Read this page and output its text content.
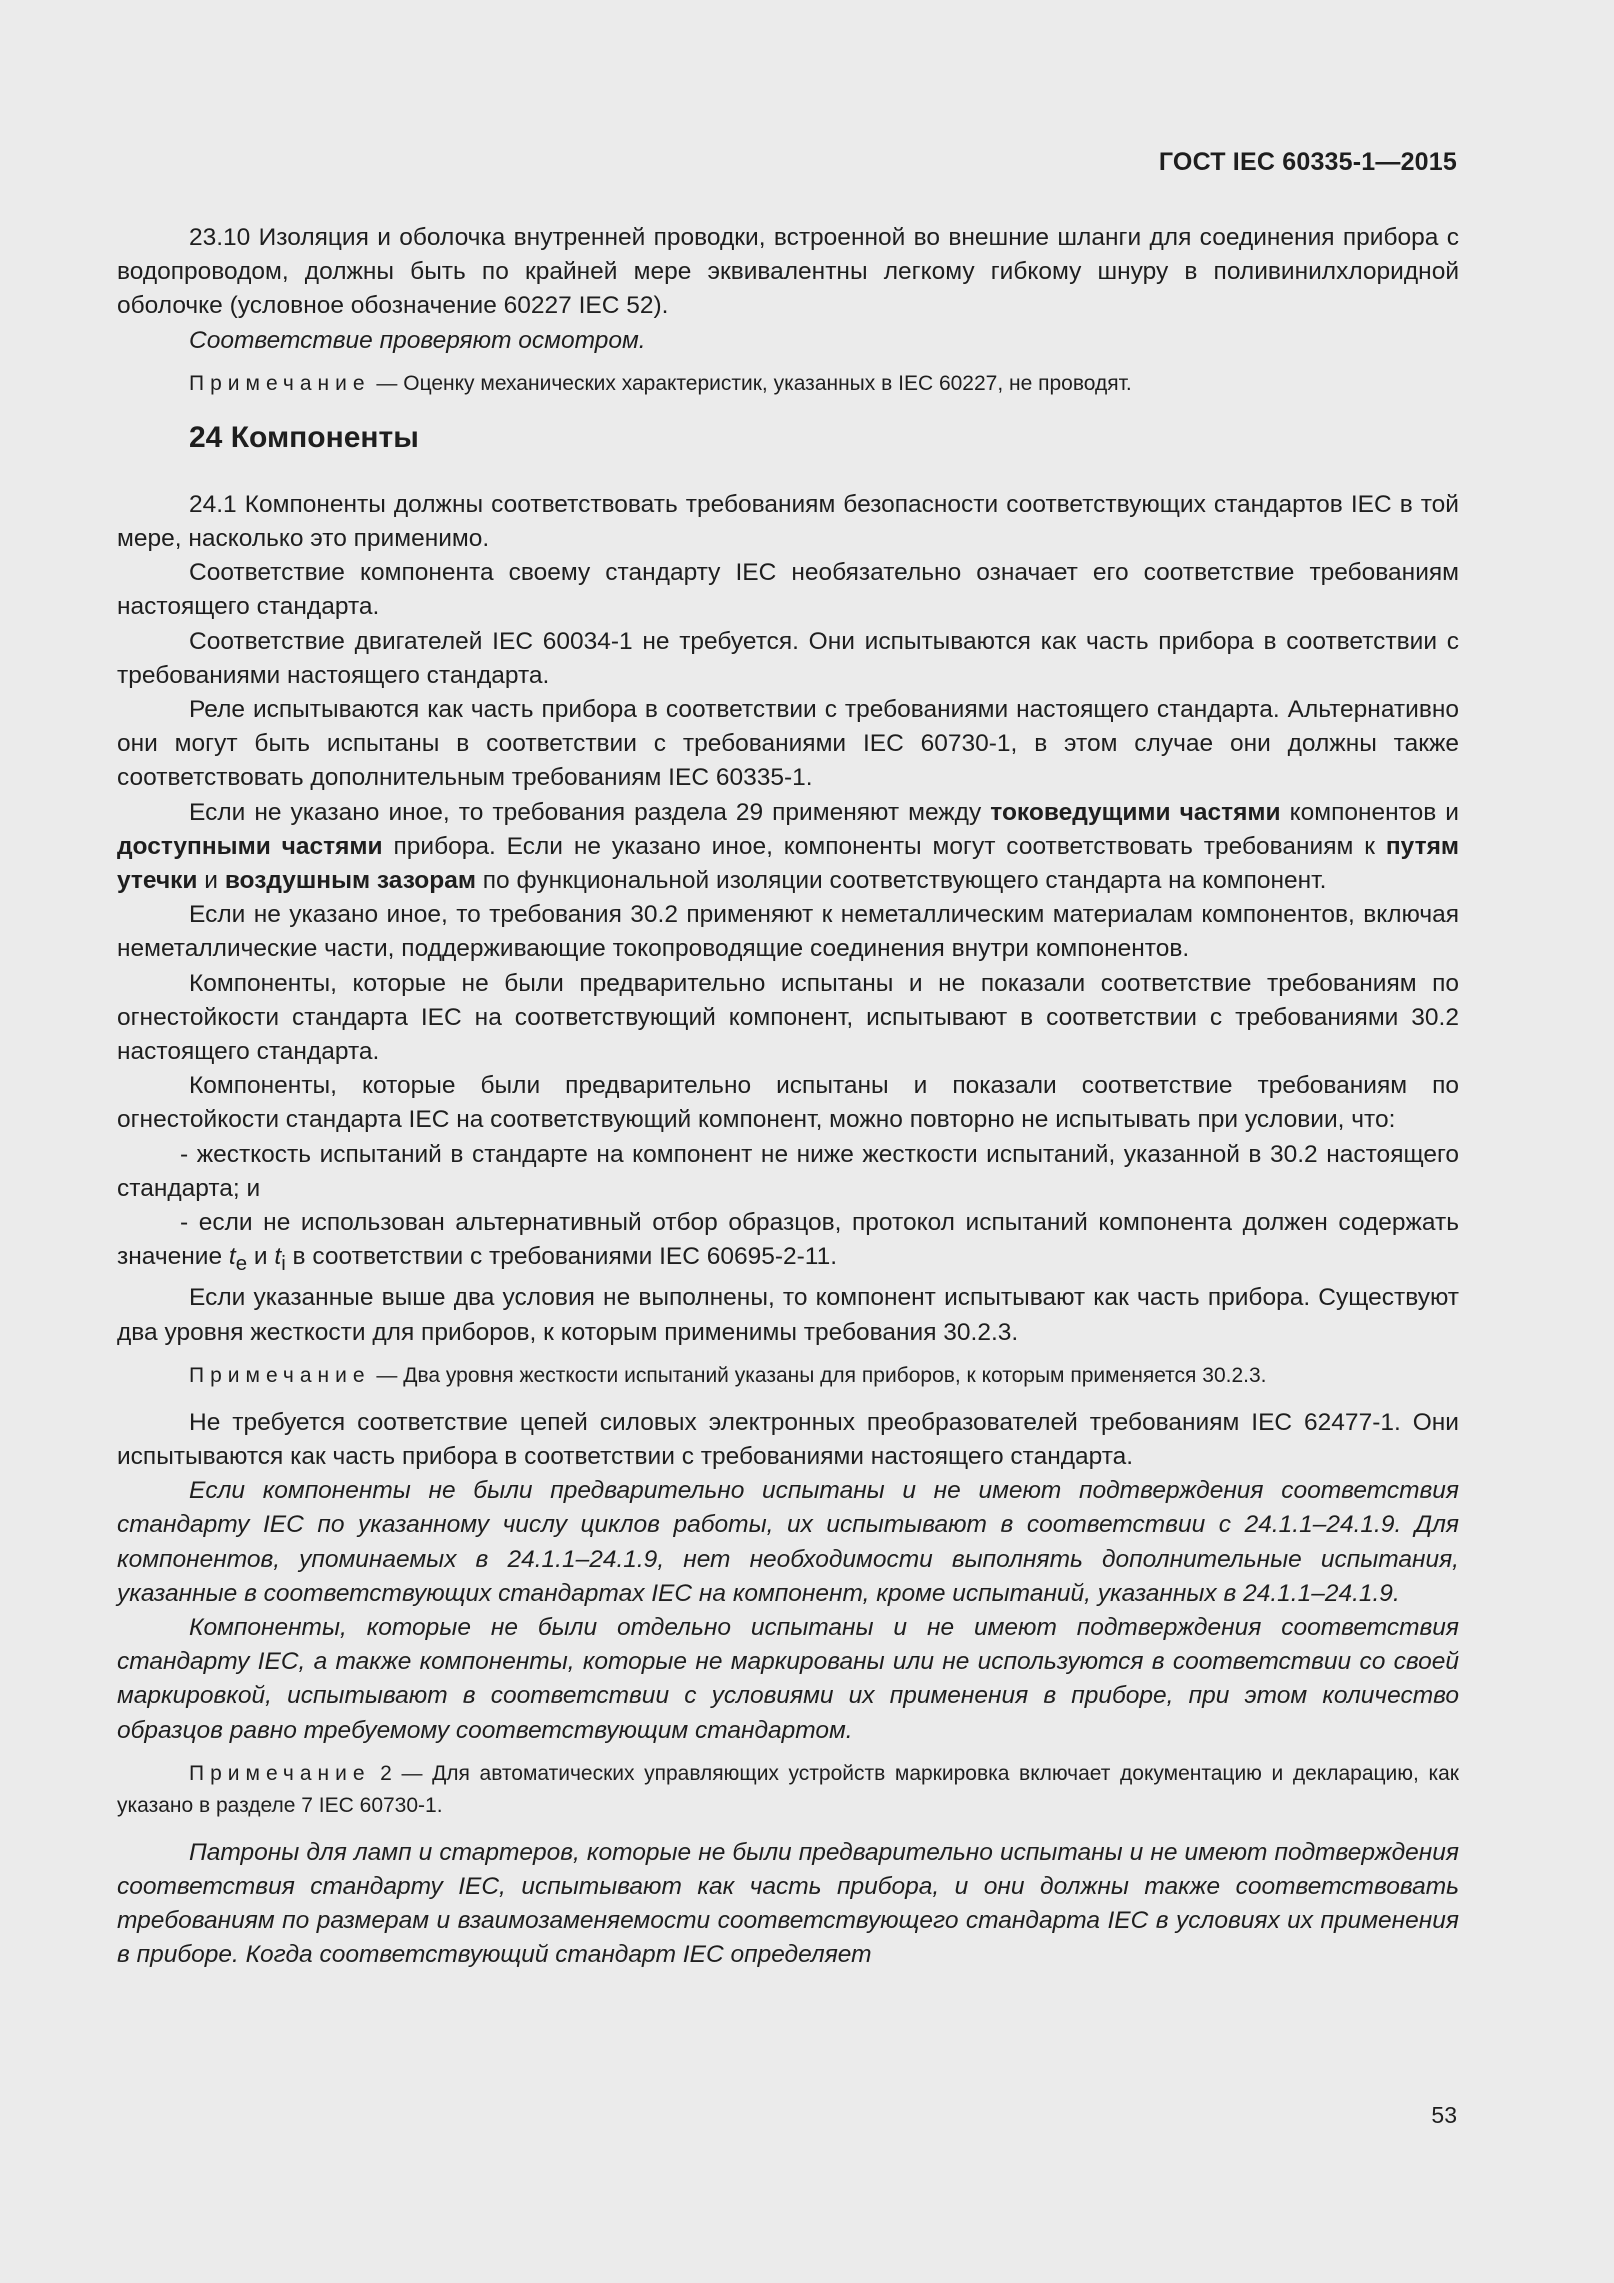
ГОСТ IEC 60335-1—2015

23.10 Изоляция и оболочка внутренней проводки, встроенной во внешние шланги для соединения прибора с водопроводом, должны быть по крайней мере эквивалентны легкому гибкому шнуру в поливинилхлоридной оболочке (условное обозначение 60227 IEC 52).

Соответствие проверяют осмотром.

Примечание — Оценку механических характеристик, указанных в IEC 60227, не проводят.

24 Компоненты

24.1 Компоненты должны соответствовать требованиям безопасности соответствующих стандартов IEC в той мере, насколько это применимо.

Соответствие компонента своему стандарту IEC необязательно означает его соответствие требованиям настоящего стандарта.

Соответствие двигателей IEC 60034-1 не требуется. Они испытываются как часть прибора в соответствии с требованиями настоящего стандарта.

Реле испытываются как часть прибора в соответствии с требованиями настоящего стандарта. Альтернативно они могут быть испытаны в соответствии с требованиями IEC 60730-1, в этом случае они должны также соответствовать дополнительным требованиям IEC 60335-1.

Если не указано иное, то требования раздела 29 применяют между токоведущими частями компонентов и доступными частями прибора. Если не указано иное, компоненты могут соответствовать требованиям к путям утечки и воздушным зазорам по функциональной изоляции соответствующего стандарта на компонент.

Если не указано иное, то требования 30.2 применяют к неметаллическим материалам компонентов, включая неметаллические части, поддерживающие токопроводящие соединения внутри компонентов.

Компоненты, которые не были предварительно испытаны и не показали соответствие требованиям по огнестойкости стандарта IEC на соответствующий компонент, испытывают в соответствии с требованиями 30.2 настоящего стандарта.

Компоненты, которые были предварительно испытаны и показали соответствие требованиям по огнестойкости стандарта IEC на соответствующий компонент, можно повторно не испытывать при условии, что:

- жесткость испытаний в стандарте на компонент не ниже жесткости испытаний, указанной в 30.2 настоящего стандарта; и

- если не использован альтернативный отбор образцов, протокол испытаний компонента должен содержать значение $t_e$ и $t_i$ в соответствии с требованиями IEC 60695-2-11.

Если указанные выше два условия не выполнены, то компонент испытывают как часть прибора. Существуют два уровня жесткости для приборов, к которым применимы требования 30.2.3.

Примечание — Два уровня жесткости испытаний указаны для приборов, к которым применяется 30.2.3.

Не требуется соответствие цепей силовых электронных преобразователей требованиям IEC 62477-1. Они испытываются как часть прибора в соответствии с требованиями настоящего стандарта.

Если компоненты не были предварительно испытаны и не имеют подтверждения соответствия стандарту IEC по указанному числу циклов работы, их испытывают в соответствии с 24.1.1–24.1.9. Для компонентов, упоминаемых в 24.1.1–24.1.9, нет необходимости выполнять дополнительные испытания, указанные в соответствующих стандартах IEC на компонент, кроме испытаний, указанных в 24.1.1–24.1.9.

Компоненты, которые не были отдельно испытаны и не имеют подтверждения соответствия стандарту IEC, а также компоненты, которые не маркированы или не используются в соответствии со своей маркировкой, испытывают в соответствии с условиями их применения в приборе, при этом количество образцов равно требуемому соответствующим стандартом.

Примечание 2 — Для автоматических управляющих устройств маркировка включает документацию и декларацию, как указано в разделе 7 IEC 60730-1.

Патроны для ламп и стартеров, которые не были предварительно испытаны и не имеют подтверждения соответствия стандарту IEC, испытывают как часть прибора, и они должны также соответствовать требованиям по размерам и взаимозаменяемости соответствующего стандарта IEC в условиях их применения в приборе. Когда соответствующий стандарт IEC определяет

53
